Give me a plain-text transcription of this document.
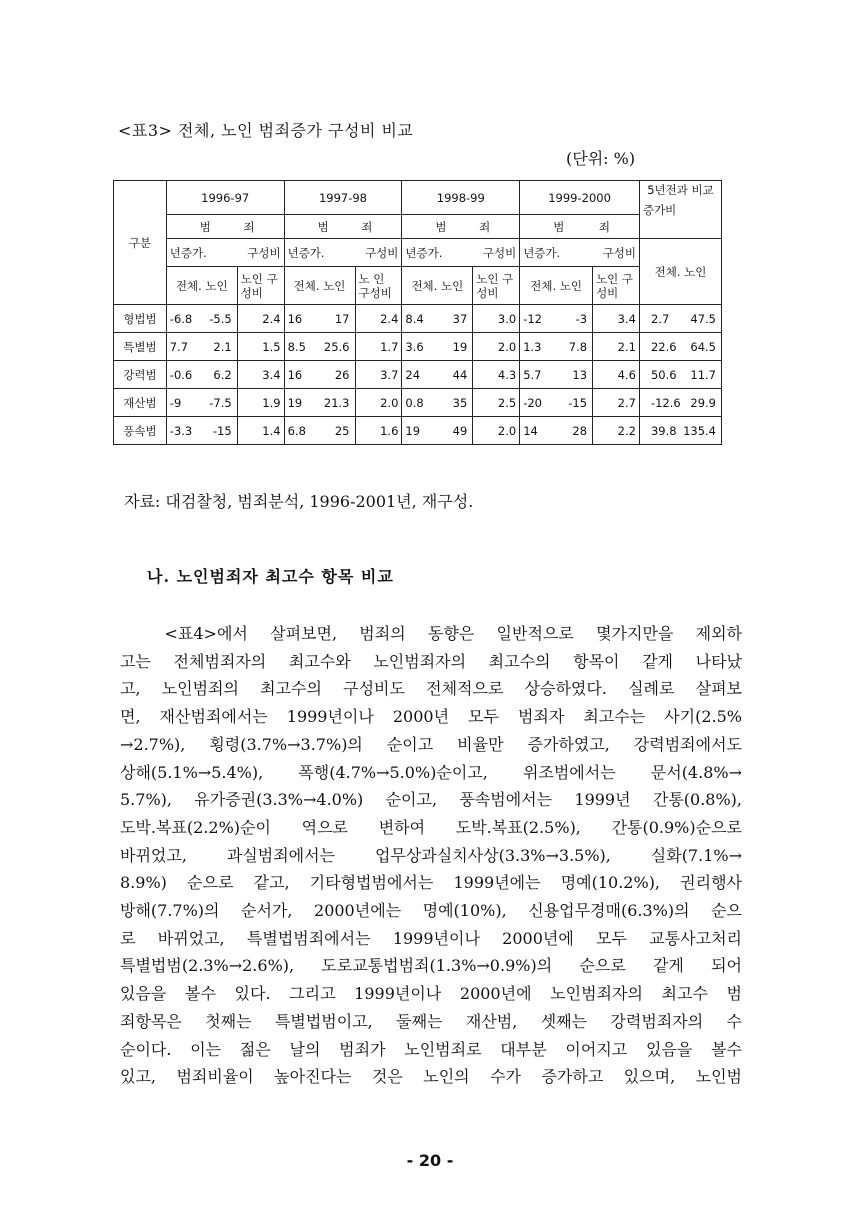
<표3> 전체, 노인 범죄증가 구성비 비교
(단위: %)
구분	1996-97		1997-98		1998-99		1999-2000		5년전과 비교
증가비

	범 죄		범 죄		범 죄		범 죄		

	년증가. 구성비		년증가. 구성비		년증가. 구성비		년증가. 구성비		전체. 노인
	전체. 노인	노인 구성비	전체. 노인	노 인 구성비	전체. 노인	노인 구성비	전체. 노인	노인 구성비	
형법범	-6.8 -5.5	2.4	16 17	2.4	8.4 37	3.0	-12 -3	3.4	2.7 47.5

특별범	7.7 2.1	1.5	8.5 25.6	1.7	3.6 19	2.0	1.3 7.8	2.1	22.6 64.5

강력범	-0.6 6.2	3.4	16 26	3.7	24 44	4.3	5.7 13	4.6	50.6 11.7

재산범	-9 -7.5	1.9	19 21.3	2.0	0.8 35	2.5	-20 -15	2.7	-12.6 29.9

풍속범	-3.3 -15	1.4	6.8 25	1.6	19 49	2.0	14 28	2.2	39.8 135.4
자료: 대검찰청, 범죄분석, 1996-2001년, 재구성.
나. 노인범죄자 최고수 항목 비교
<표4>에서 살펴보면, 범죄의 동향은 일반적으로 몇가지만을 제외하
고는 전체범죄자의 최고수와 노인범죄자의 최고수의 항목이 같게 나타났
고, 노인범죄의 최고수의 구성비도 전체적으로 상승하였다. 실례로 살펴보
면, 재산범죄에서는 1999년이나 2000년 모두 범죄자 최고수는 사기(2.5%
→2.7%), 횡령(3.7%→3.7%)의 순이고 비율만 증가하였고, 강력범죄에서도
상해(5.1%→5.4%), 폭행(4.7%→5.0%)순이고, 위조범에서는 문서(4.8%→
5.7%), 유가증권(3.3%→4.0%) 순이고, 풍속범에서는 1999년 간통(0.8%),
도박.복표(2.2%)순이 역으로 변하여 도박.복표(2.5%), 간통(0.9%)순으로
바뀌었고, 과실범죄에서는 업무상과실치사상(3.3%→3.5%), 실화(7.1%→
8.9%) 순으로 같고, 기타형법범에서는 1999년에는 명예(10.2%), 권리행사
방해(7.7%)의 순서가, 2000년에는 명예(10%), 신용업무경매(6.3%)의 순으
로 바뀌었고, 특별법범죄에서는 1999년이나 2000년에 모두 교통사고처리
특별법범(2.3%→2.6%), 도로교통법범죄(1.3%→0.9%)의 순으로 같게 되어
있음을 볼수 있다. 그리고 1999년이나 2000년에 노인범죄자의 최고수 범
죄항목은 첫째는 특별법범이고, 둘째는 재산범, 셋째는 강력범죄자의 수
순이다. 이는 젊은 날의 범죄가 노인범죄로 대부분 이어지고 있음을 볼수
있고, 범죄비율이 높아진다는 것은 노인의 수가 증가하고 있으며, 노인범
- 20 -
